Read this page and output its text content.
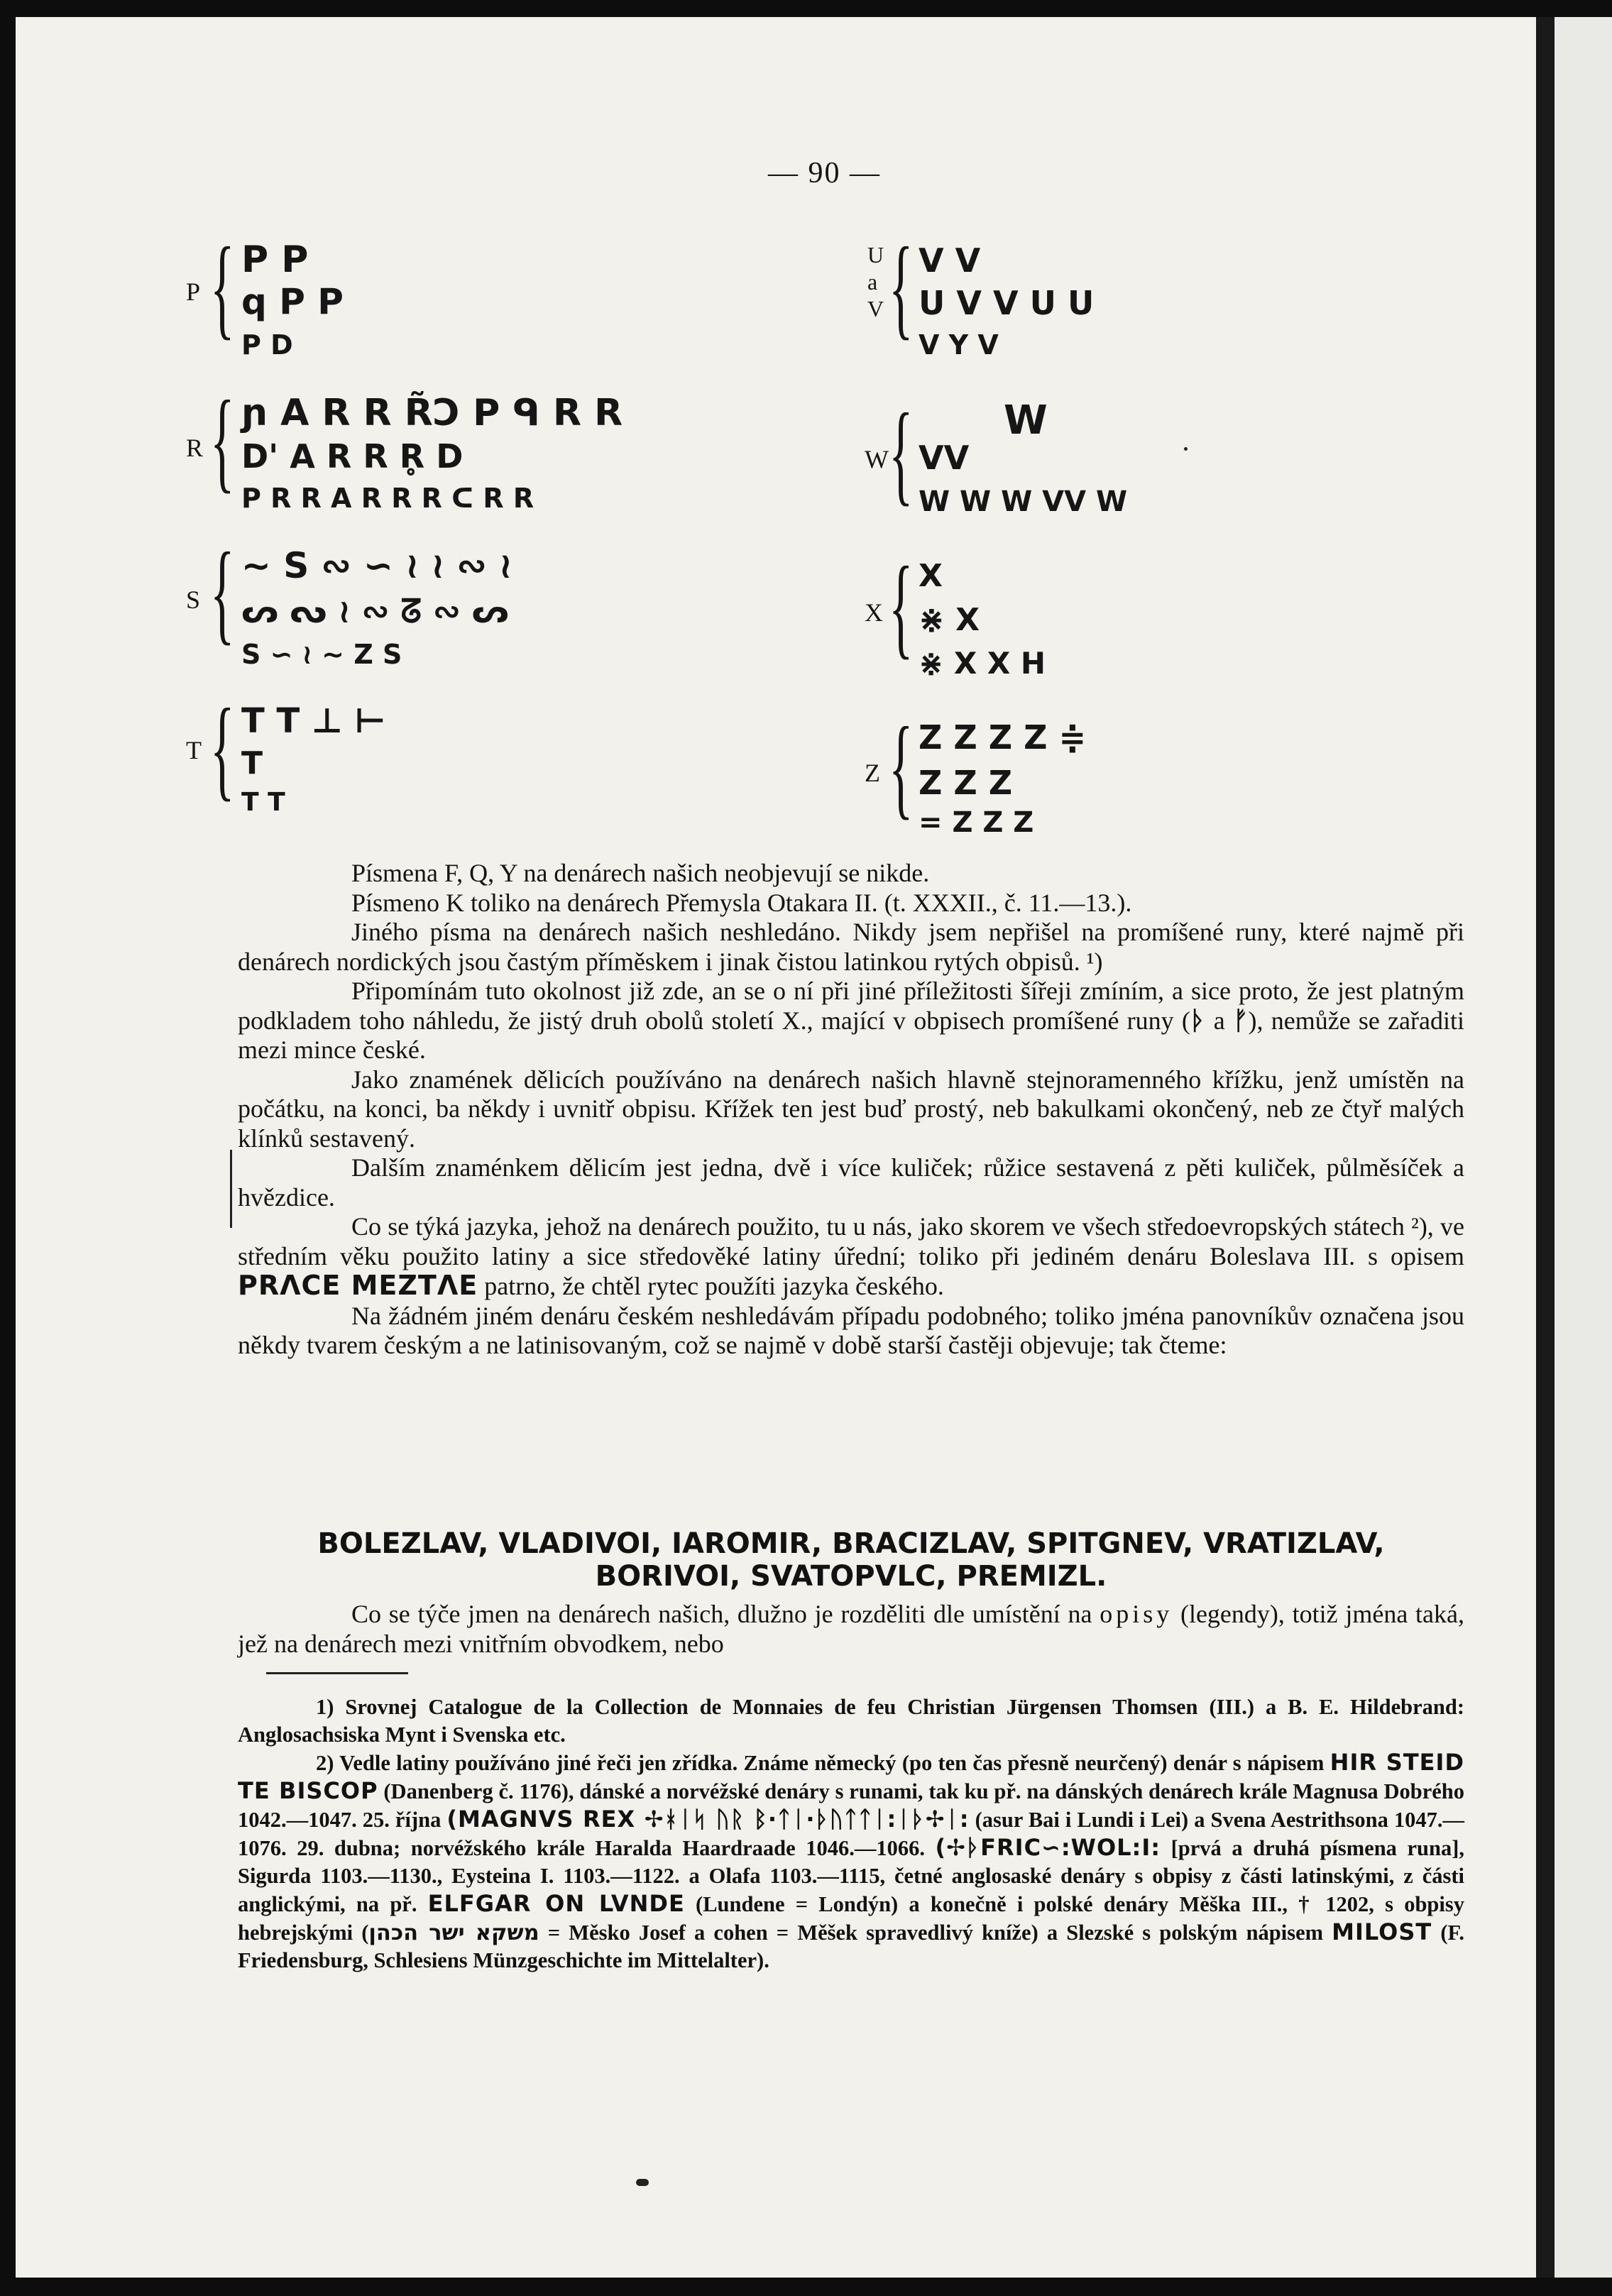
— 90 —
P { P P
q P P
P D
R { ɲ A R R R̃Ↄ P ᑫ R R
D' A R R R̥ D
P R R A R R R ᑕ R R
S { ∼ S ∾ ∽ ≀ ≀ ∾ ≀
ᔕ ᔓ ≀ ∾ ᘔ ∾ ᔕ
S ∽ ≀ ∼ Z S
T { T T ⊥ ⊢
T
T T
U
a
V { V V
U V V U U
V Y V
W
W { VV
W W W VV W
X { X
⋇ X
⋇ X X H
Z { Z Z Z Z ≑
Z Z Z
= Z Z Z

Písmena F, Q, Y na denárech našich neobjevují se nikde.

Písmeno K toliko na denárech Přemysla Otakara II. (t. XXXII., č. 11.—13.).

Jiného písma na denárech našich neshledáno. Nikdy jsem nepřišel na promíšené runy, které najmě při denárech nordických jsou častým příměskem i jinak čistou latinkou rytých obpisů. ¹)

Připomínám tuto okolnost již zde, an se o ní při jiné příležitosti šířeji zmíním, a sice proto, že jest platným podkladem toho náhledu, že jistý druh obolů století X., mající v obpisech promíšené runy (ᚦ a ᚠ), nemůže se zařaditi mezi mince české.

Jako znamének dělicích používáno na denárech našich hlavně stejnoramenného křížku, jenž umístěn na počátku, na konci, ba někdy i uvnitř obpisu. Křížek ten jest buď prostý, neb bakulkami okončený, neb ze čtyř malých klínků sestavený.

Dalším znaménkem dělicím jest jedna, dvě i více kuliček; růžice sestavená z pěti kuliček, půlměsíček a hvězdice.

Co se týká jazyka, jehož na denárech použito, tu u nás, jako skorem ve všech středoevropských státech ²), ve středním věku použito latiny a sice středověké latiny úřední; toliko při jediném denáru Boleslava III. s opisem PRΛCE MEZTΛE patrno, že chtěl rytec použíti jazyka českého.

Na žádném jiném denáru českém neshledávám případu podobného; toliko jména panovníkův označena jsou někdy tvarem českým a ne latinisovaným, což se najmě v době starší častěji objevuje; tak čteme:

BOLEZLAV, VLADIVOI, IAROMIR, BRACIZLAV, SPITGNEV, VRATIZLAV,
BORIVOI, SVATOPVLC, PREMIZL.

Co se týče jmen na denárech našich, dlužno je rozděliti dle umístění na opisy (legendy), totiž jména taká, jež na denárech mezi vnitřním obvodkem, nebo

1) Srovnej Catalogue de la Collection de Monnaies de feu Christian Jürgensen Thomsen (III.) a B. E. Hildebrand: Anglosachsiska Mynt i Svenska etc.

2) Vedle latiny používáno jiné řeči jen zřídka. Známe německý (po ten čas přesně neurčený) denár s nápisem HIR STEID TE BISCOP (Danenberg č. 1176), dánské a norvéžské denáry s runami, tak ku př. na dánských denárech krále Magnusa Dobrého 1042.—1047. 25. října (MAGNVS REX ✢ᚼᛁᛋ ᚢᚱ ᛒ·ᛏᛁ·ᚦᚢᛏᛏᛁ:ᛁᚦ✢ᛁ: (asur Bai i Lundi i Lei) a Svena Aestrithsona 1047.—1076. 29. dubna; norvéžského krále Haralda Haardraade 1046.—1066. (✢ᚦFRIC∽:WOL:I: [prvá a druhá písmena runa], Sigurda 1103.—1130., Eysteina I. 1103.—1122. a Olafa 1103.—1115, četné anglosaské denáry s obpisy z části latinskými, z části anglickými, na př. ELFGAR ON LVNDE (Lundene = Londýn) a konečně i polské denáry Měška III., † 1202, s obpisy hebrejskými (משקא ישר הכהן = Měsko Josef a cohen = Měšek spravedlivý kníže) a Slezské s polským nápisem MILOST (F. Friedensburg, Schlesiens Münzgeschichte im Mittelalter).
